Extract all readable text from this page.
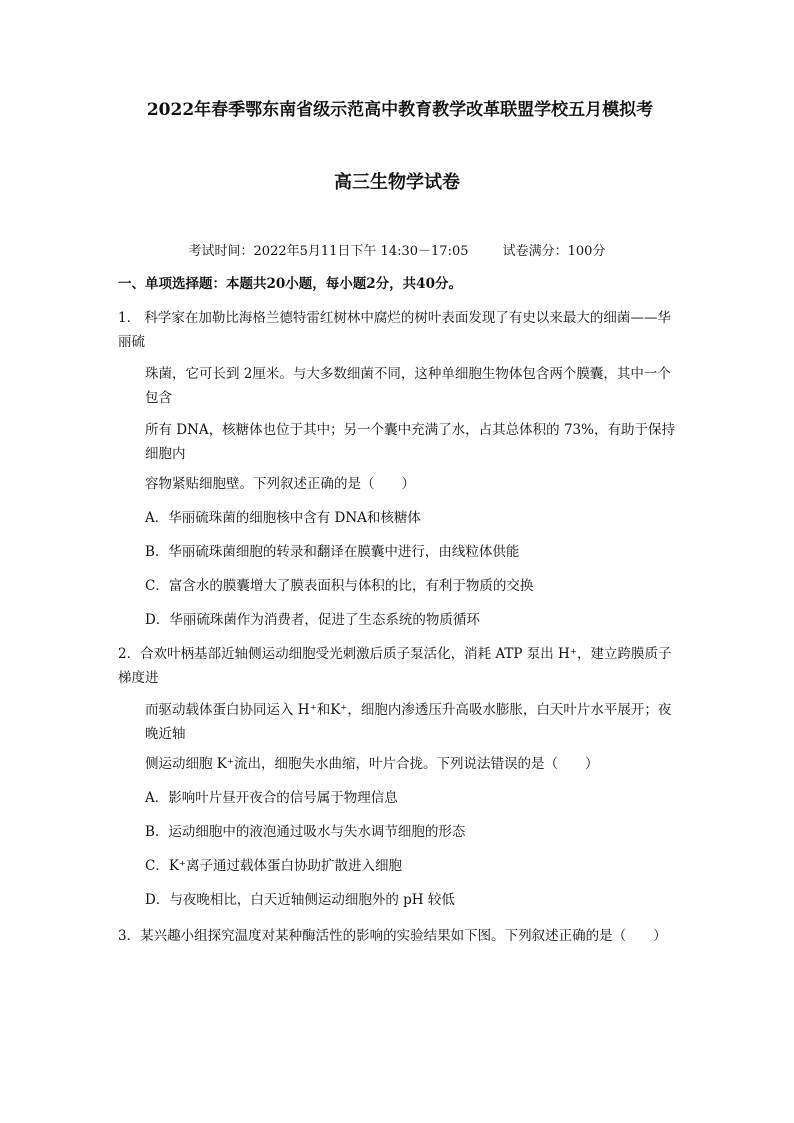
2022年春季鄂东南省级示范高中教育教学改革联盟学校五月模拟考
高三生物学试卷
考试时间：2022年5月11日下午 14:30－17:05	试卷满分：100分
一、单项选择题：本题共20小题，每小题2分，共40分。
1． 科学家在加勒比海格兰德特雷红树林中腐烂的树叶表面发现了有史以来最大的细菌——华丽硫
珠菌，它可长到 2厘米。与大多数细菌不同，这种单细胞生物体包含两个膜囊，其中一个包含
所有 DNA，核糖体也位于其中；另一个囊中充满了水，占其总体积的 73%，有助于保持细胞内
容物紧贴细胞壁。下列叙述正确的是（　　）
A．华丽硫珠菌的细胞核中含有 DNA和核糖体
B．华丽硫珠菌细胞的转录和翻译在膜囊中进行，由线粒体供能
C．富含水的膜囊增大了膜表面积与体积的比，有利于物质的交换
D．华丽硫珠菌作为消费者，促进了生态系统的物质循环
2．合欢叶柄基部近轴侧运动细胞受光刺激后质子泵活化，消耗 ATP 泵出 H⁺，建立跨膜质子梯度进
而驱动载体蛋白协同运入 H⁺和K⁺，细胞内渗透压升高吸水膨胀，白天叶片水平展开；夜晚近轴
侧运动细胞 K⁺流出，细胞失水曲缩，叶片合拢。下列说法错误的是（　　）
A．影响叶片昼开夜合的信号属于物理信息
B．运动细胞中的液泡通过吸水与失水调节细胞的形态
C．K⁺离子通过载体蛋白协助扩散进入细胞
D．与夜晚相比，白天近轴侧运动细胞外的 pH 较低
3．某兴趣小组探究温度对某种酶活性的影响的实验结果如下图。下列叙述正确的是（　　）
